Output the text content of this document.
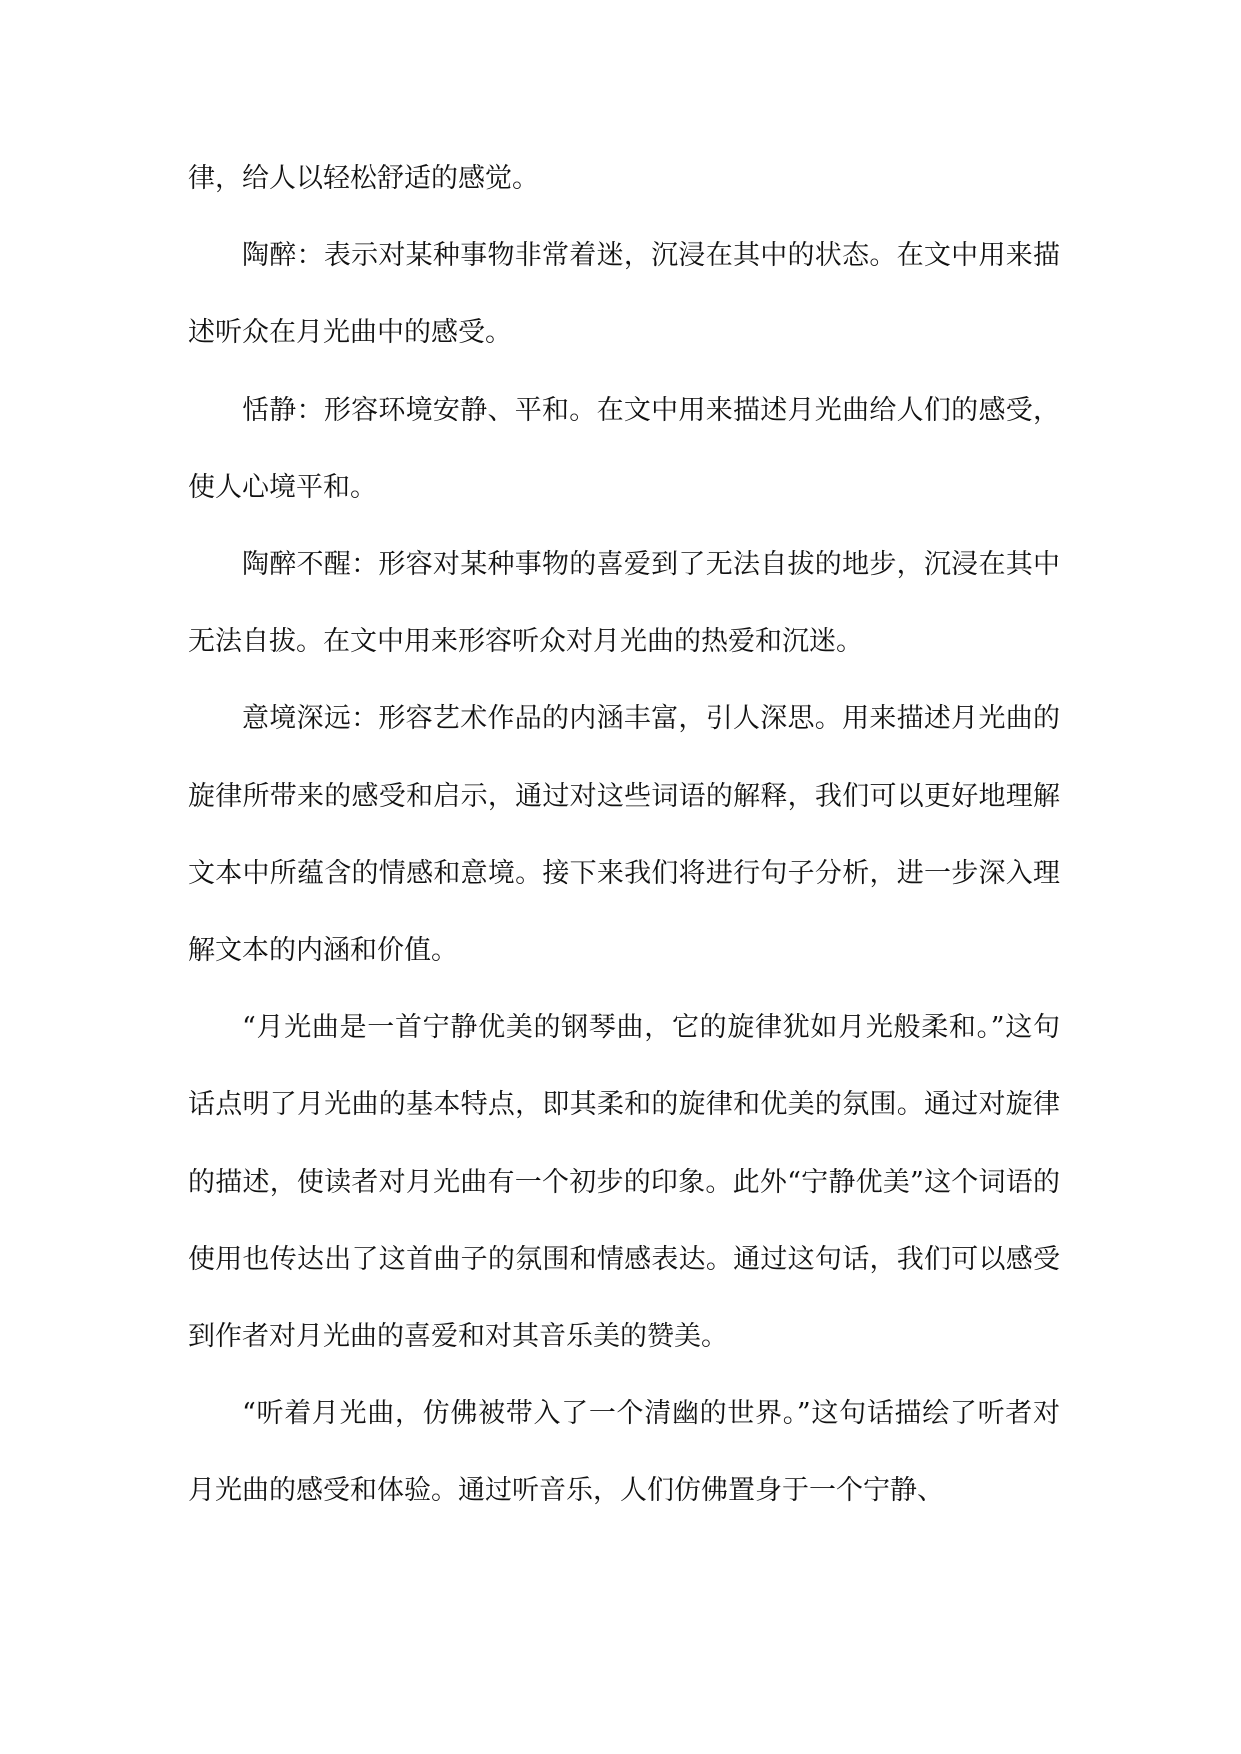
律，给人以轻松舒适的感觉。

陶醉：表示对某种事物非常着迷，沉浸在其中的状态。在文中用来描述听众在月光曲中的感受。

恬静：形容环境安静、平和。在文中用来描述月光曲给人们的感受，使人心境平和。

陶醉不醒：形容对某种事物的喜爱到了无法自拔的地步，沉浸在其中无法自拔。在文中用来形容听众对月光曲的热爱和沉迷。

意境深远：形容艺术作品的内涵丰富，引人深思。用来描述月光曲的旋律所带来的感受和启示，通过对这些词语的解释，我们可以更好地理解文本中所蕴含的情感和意境。接下来我们将进行句子分析，进一步深入理解文本的内涵和价值。

“月光曲是一首宁静优美的钢琴曲，它的旋律犹如月光般柔和。”这句话点明了月光曲的基本特点，即其柔和的旋律和优美的氛围。通过对旋律的描述，使读者对月光曲有一个初步的印象。此外“宁静优美”这个词语的使用也传达出了这首曲子的氛围和情感表达。通过这句话，我们可以感受到作者对月光曲的喜爱和对其音乐美的赞美。

“听着月光曲，仿佛被带入了一个清幽的世界。”这句话描绘了听者对月光曲的感受和体验。通过听音乐，人们仿佛置身于一个宁静、
